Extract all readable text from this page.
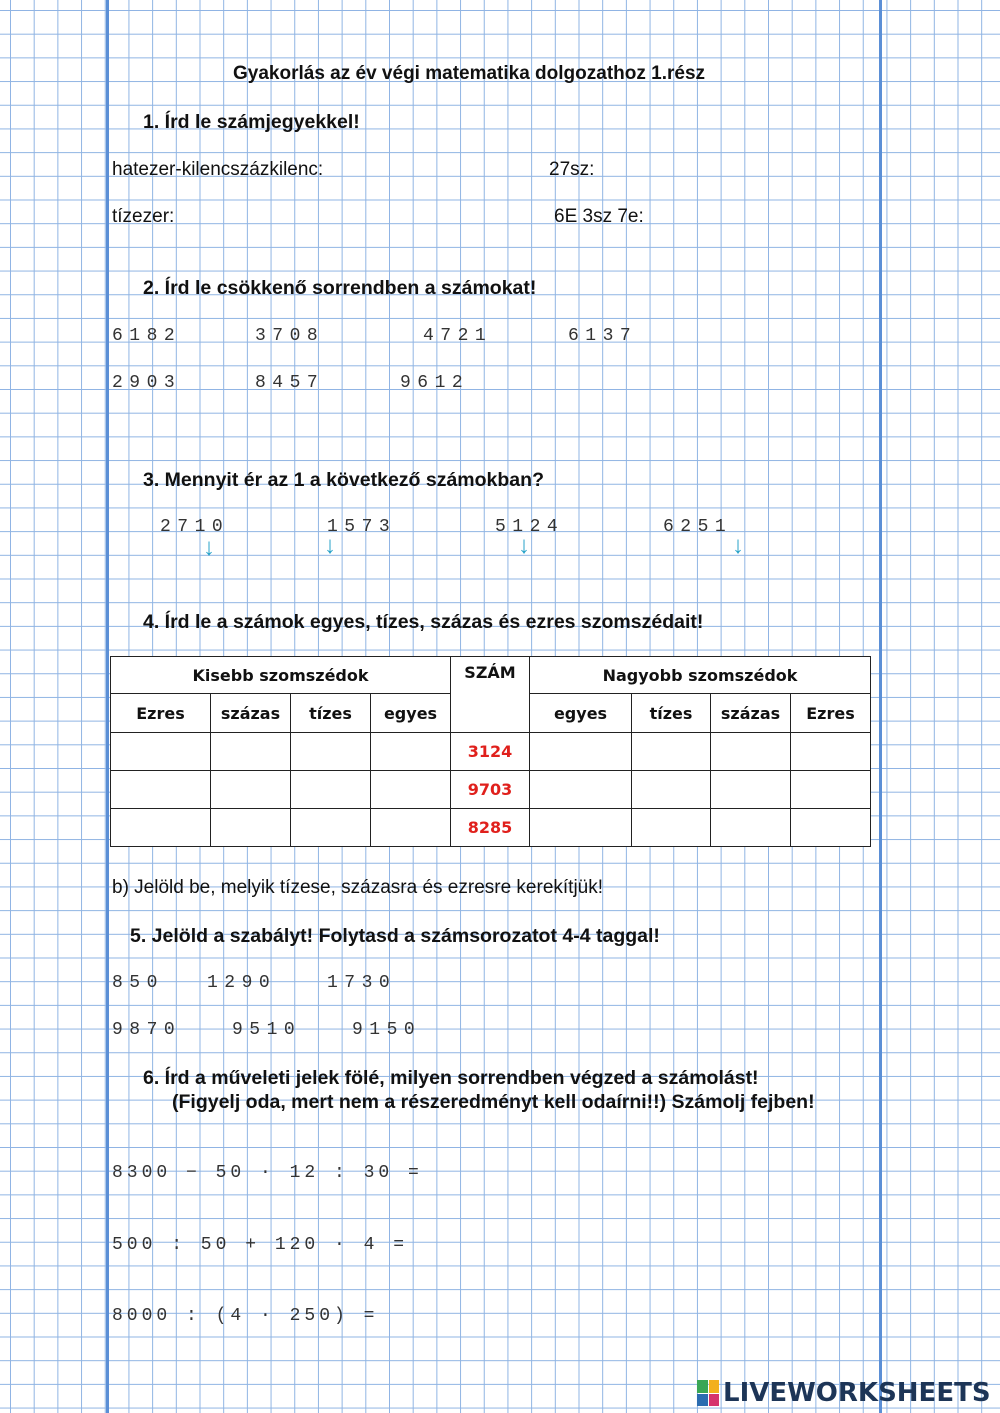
Gyakorlás az év végi matematika dolgozathoz 1.rész
1. Írd le számjegyekkel!
hatezer-kilencszázkilenc:	27sz:
tízezer:	6E 3sz 7e:
2. Írd le csökkenő sorrendben a számokat!
6182	3708	4721	6137
2903	8457	9612
3. Mennyit ér az 1 a következő számokban?
2710	1573	5124	6251
↓	↓	↓	↓
4. Írd le a számok egyes, tízes, százas és ezres szomszédait!
Kisebb szomszédok				SZÁM	Nagyobb szomszédok			
Ezres	százas	tízes	egyes		egyes	tízes	százas	Ezres
				3124				
				9703				
				8285				
b) Jelöld be, melyik tízese, százasra és ezresre kerekítjük!
5. Jelöld a szabályt! Folytasd a számsorozatot 4-4 taggal!
850 1290	1730
9870	9510	9150
6. Írd a műveleti jelek fölé, milyen sorrendben végzed a számolást!
(Figyelj oda, mert nem a részeredményt kell odaírni!!) Számolj fejben!
8300 − 50 · 12 : 30 =
500 : 50 + 120 · 4 =
8000 : (4 · 250) =
LIVEWORKSHEETS
